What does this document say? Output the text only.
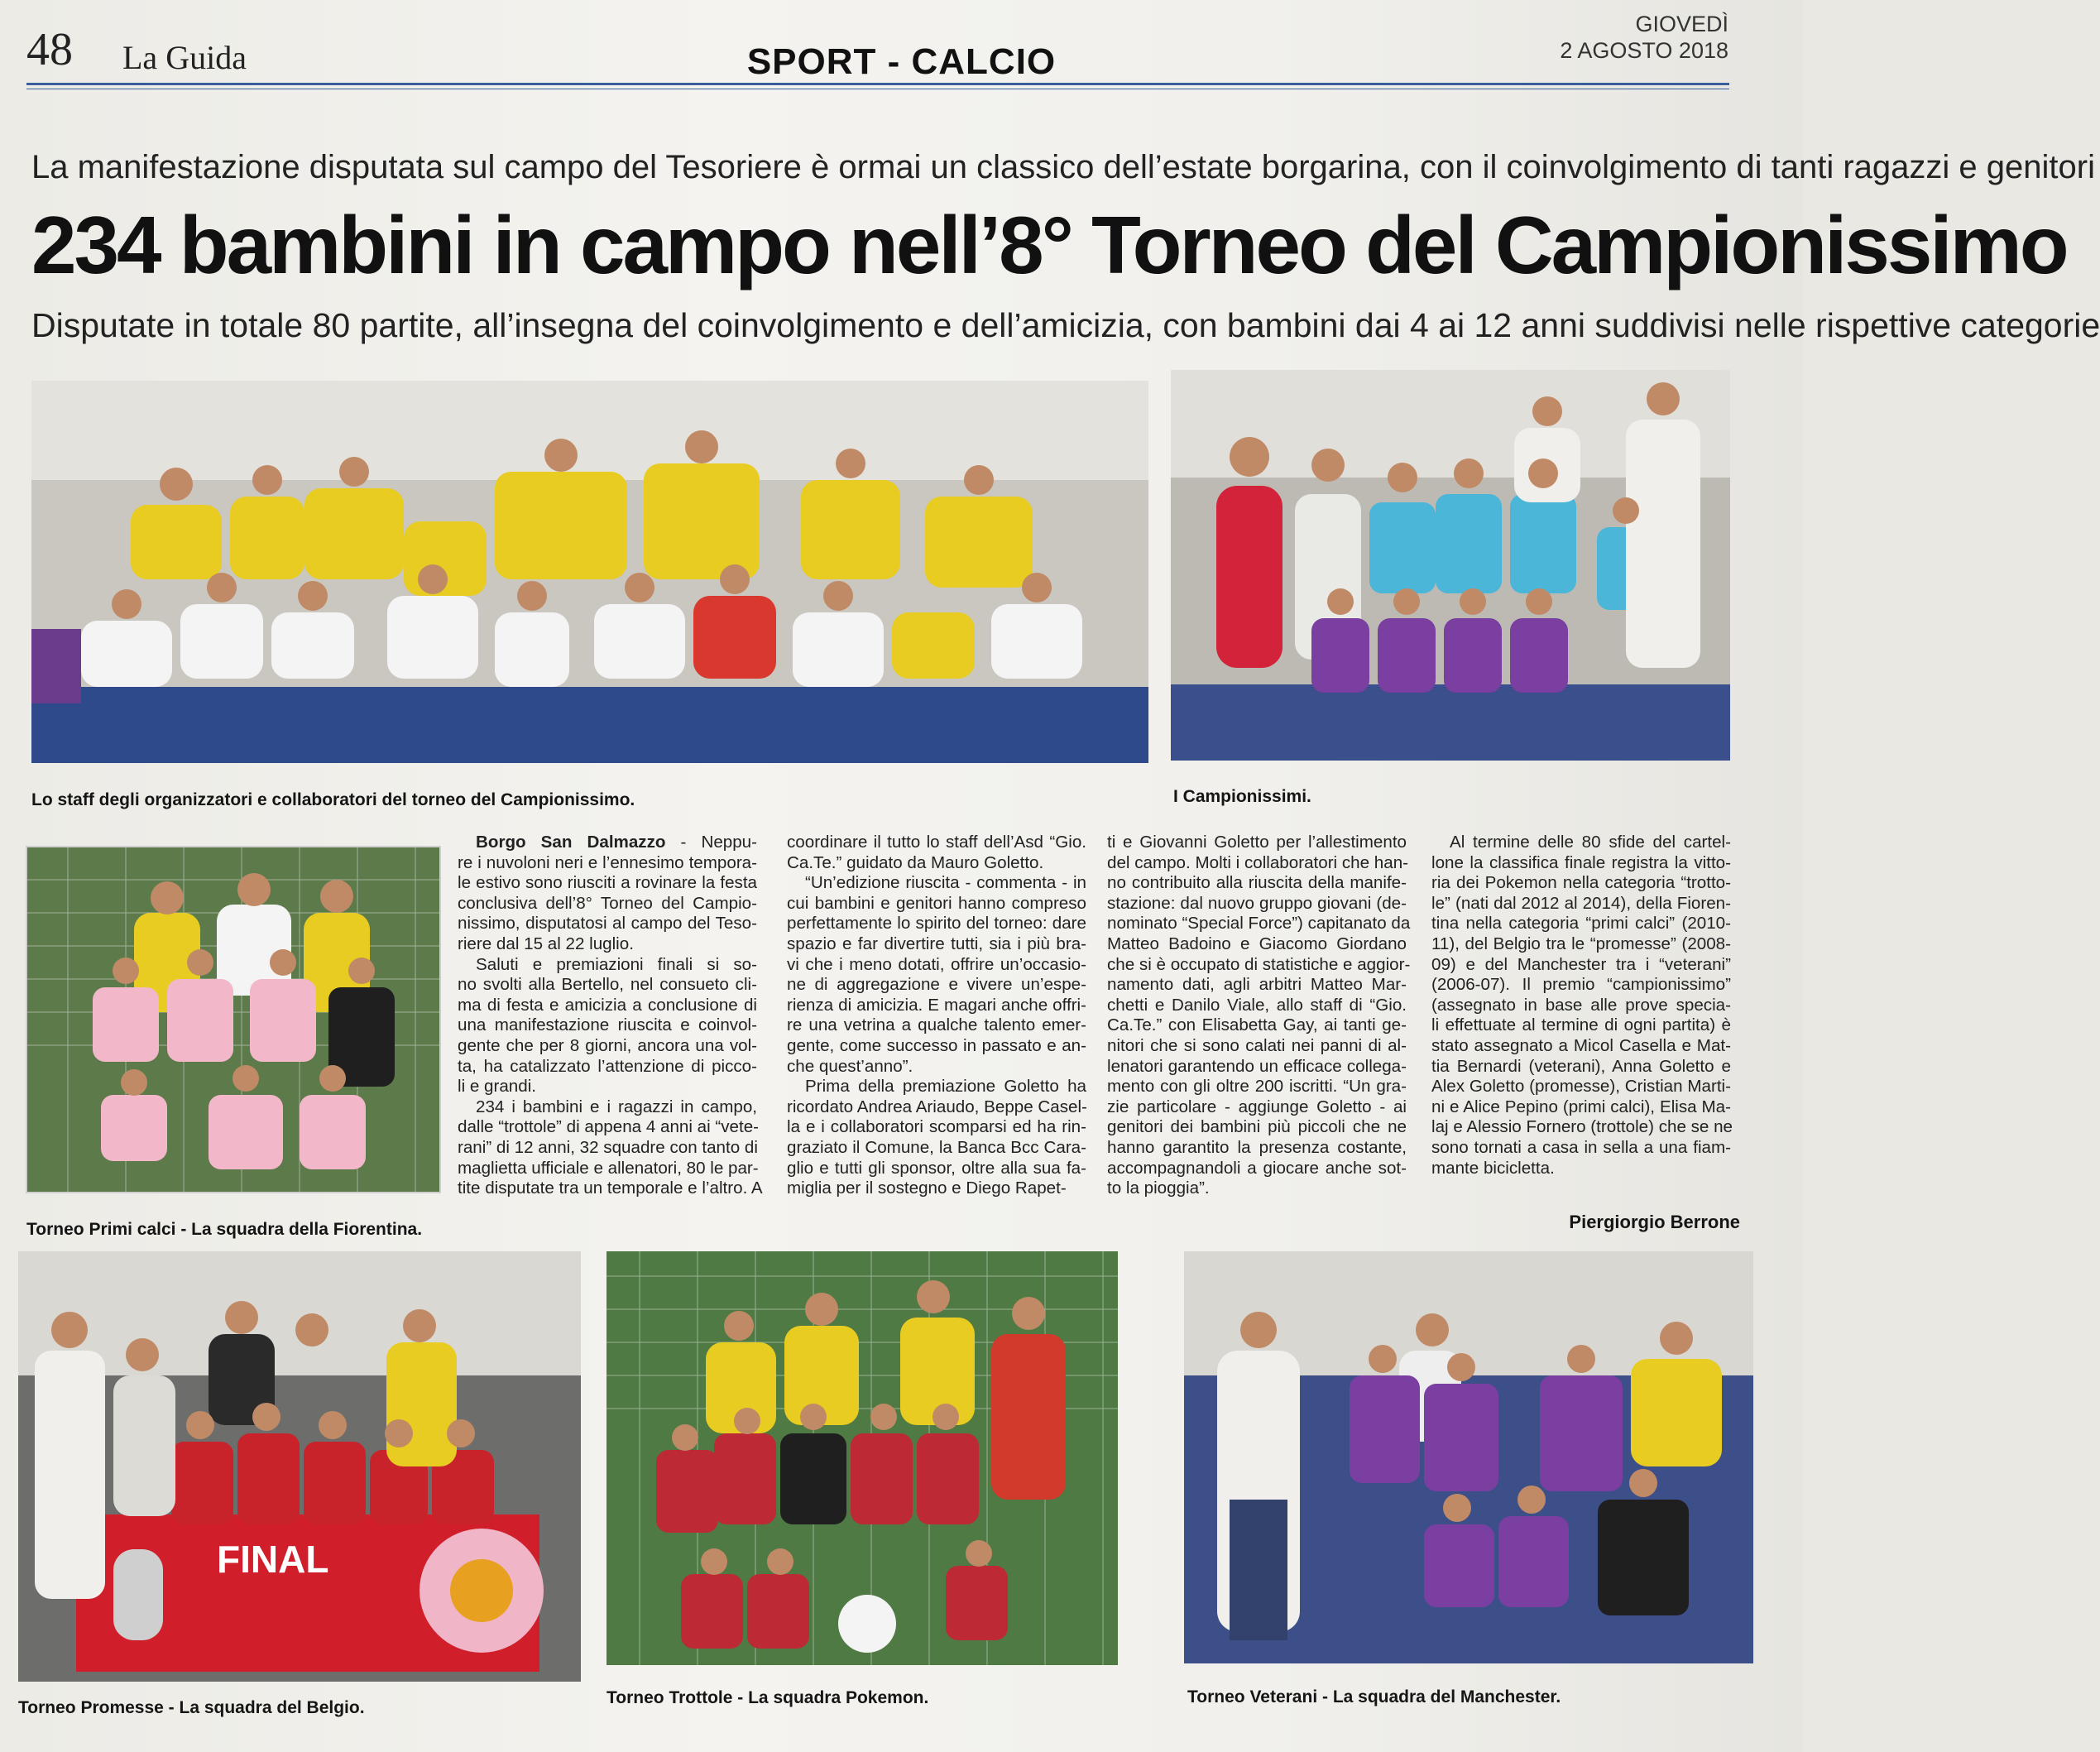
48 La Guida	SPORT - CALCIO
GIOVEDÌ
2 AGOSTO 2018
La manifestazione disputata sul campo del Tesoriere è ormai un classico dell’estate borgarina, con il coinvolgimento di tanti ragazzi e genitori
234 bambini in campo nell’8° Torneo del Campionissimo
Disputate in totale 80 partite, all’insegna del coinvolgimento e dell’amicizia, con bambini dai 4 ai 12 anni suddivisi nelle rispettive categorie
Lo staff degli organizzatori e collaboratori del torneo del Campionissimo.	I Campionissimi.
Torneo Primi calci - La squadra della Fiorentina.
Borgo San Dalmazzo - Neppu-
re i nuvoloni neri e l’ennesimo tempora-
le estivo sono riusciti a rovinare la festa
conclusiva dell’8° Torneo del Campio-
nissimo, disputatosi al campo del Teso-
riere dal 15 al 22 luglio.
Saluti e premiazioni finali si so-
no svolti alla Bertello, nel consueto cli-
ma di festa e amicizia a conclusione di
una manifestazione riuscita e coinvol-
gente che per 8 giorni, ancora una vol-
ta, ha catalizzato l’attenzione di picco-
li e grandi.
234 i bambini e i ragazzi in campo,
dalle “trottole” di appena 4 anni ai “vete-
rani” di 12 anni, 32 squadre con tanto di
maglietta ufficiale e allenatori, 80 le par-
tite disputate tra un temporale e l’altro. A
coordinare il tutto lo staff dell’Asd “Gio.
Ca.Te.” guidato da Mauro Goletto.
“Un’edizione riuscita - commenta - in
cui bambini e genitori hanno compreso
perfettamente lo spirito del torneo: dare
spazio e far divertire tutti, sia i più bra-
vi che i meno dotati, offrire un’occasio-
ne di aggregazione e vivere un’espe-
rienza di amicizia. E magari anche offri-
re una vetrina a qualche talento emer-
gente, come successo in passato e an-
che quest’anno”.
Prima della premiazione Goletto ha
ricordato Andrea Ariaudo, Beppe Casel-
la e i collaboratori scomparsi ed ha rin-
graziato il Comune, la Banca Bcc Cara-
glio e tutti gli sponsor, oltre alla sua fa-
miglia per il sostegno e Diego Rapet-
ti e Giovanni Goletto per l’allestimento
del campo. Molti i collaboratori che han-
no contribuito alla riuscita della manife-
stazione: dal nuovo gruppo giovani (de-
nominato “Special Force”) capitanato da
Matteo Badoino e Giacomo Giordano
che si è occupato di statistiche e aggior-
namento dati, agli arbitri Matteo Mar-
chetti e Danilo Viale, allo staff di “Gio.
Ca.Te.” con Elisabetta Gay, ai tanti ge-
nitori che si sono calati nei panni di al-
lenatori garantendo un efficace collega-
mento con gli oltre 200 iscritti. “Un gra-
zie particolare - aggiunge Goletto - ai
genitori dei bambini più piccoli che ne
hanno garantito la presenza costante,
accompagnandoli a giocare anche sot-
to la pioggia”.
Al termine delle 80 sfide del cartel-
lone la classifica finale registra la vitto-
ria dei Pokemon nella categoria “trotto-
le” (nati dal 2012 al 2014), della Fioren-
tina nella categoria “primi calci” (2010-
11), del Belgio tra le “promesse” (2008-
09) e del Manchester tra i “veterani”
(2006-07). Il premio “campionissimo”
(assegnato in base alle prove specia-
li effettuate al termine di ogni partita) è
stato assegnato a Micol Casella e Mat-
tia Bernardi (veterani), Anna Goletto e
Alex Goletto (promesse), Cristian Marti-
ni e Alice Pepino (primi calci), Elisa Ma-
laj e Alessio Fornero (trottole) che se ne
sono tornati a casa in sella a una fiam-
mante bicicletta.
Piergiorgio Berrone
FINAL
Torneo Promesse - La squadra del Belgio.
Torneo Trottole - La squadra Pokemon.	Torneo Veterani - La squadra del Manchester.
